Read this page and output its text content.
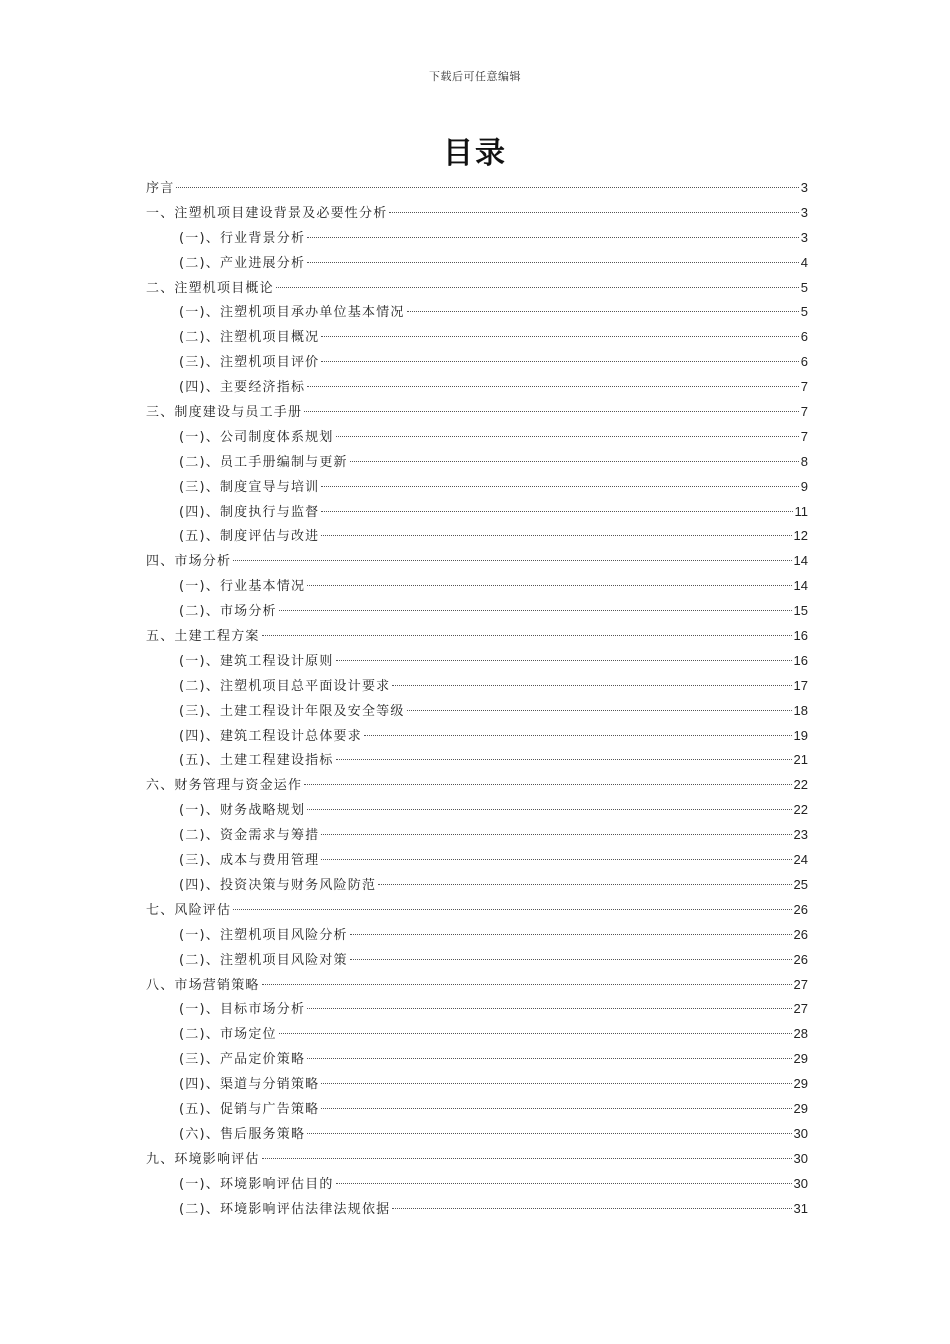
下载后可任意编辑
目录
序言	3
一、注塑机项目建设背景及必要性分析	3
(一)、行业背景分析	3
(二)、产业进展分析	4
二、注塑机项目概论	5
(一)、注塑机项目承办单位基本情况	5
(二)、注塑机项目概况	6
(三)、注塑机项目评价	6
(四)、主要经济指标	7
三、制度建设与员工手册	7
(一)、公司制度体系规划	7
(二)、员工手册编制与更新	8
(三)、制度宣导与培训	9
(四)、制度执行与监督	11
(五)、制度评估与改进	12
四、市场分析	14
(一)、行业基本情况	14
(二)、市场分析	15
五、土建工程方案	16
(一)、建筑工程设计原则	16
(二)、注塑机项目总平面设计要求	17
(三)、土建工程设计年限及安全等级	18
(四)、建筑工程设计总体要求	19
(五)、土建工程建设指标	21
六、财务管理与资金运作	22
(一)、财务战略规划	22
(二)、资金需求与筹措	23
(三)、成本与费用管理	24
(四)、投资决策与财务风险防范	25
七、风险评估	26
(一)、注塑机项目风险分析	26
(二)、注塑机项目风险对策	26
八、市场营销策略	27
(一)、目标市场分析	27
(二)、市场定位	28
(三)、产品定价策略	29
(四)、渠道与分销策略	29
(五)、促销与广告策略	29
(六)、售后服务策略	30
九、环境影响评估	30
(一)、环境影响评估目的	30
(二)、环境影响评估法律法规依据	31
